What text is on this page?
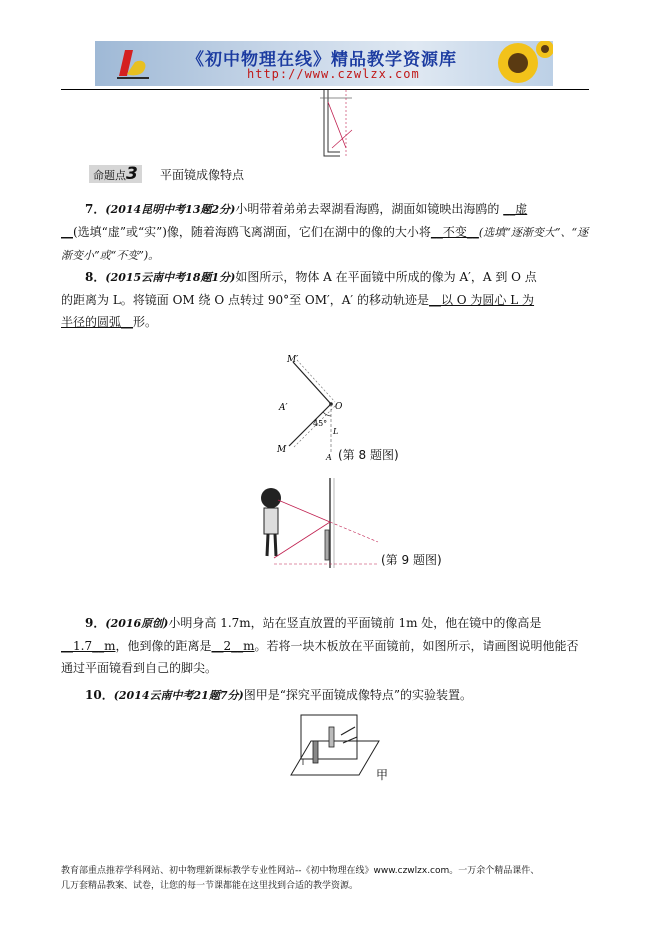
《初中物理在线》精品教学资源库
http://www.czwlzx.com
命题点3	平面镜成像特点
7．(2014昆明中考13题2分)小明带着弟弟去翠湖看海鸥，湖面如镜映出海鸥的 __虚
__(选填“虚”或“实”)像，随着海鸥飞离湖面，它们在湖中的像的大小将__不变__(选填“逐渐变大”、“逐渐变小”或“不变”)。
8．(2015云南中考18题1分)如图所示，物体 A 在平面镜中所成的像为 A′，A 到 O 点
的距离为 L。将镜面 OM 绕 O 点转过 90°至 OM′，A′ 的移动轨迹是__以 O 为圆心 L 为
半径的圆弧__形。
M′
A′	O
45°
M
L
A (第 8 题图)
(第 9 题图)
9．(2016原创)小明身高 1.7m，站在竖直放置的平面镜前 1m 处，他在镜中的像高是
__1.7__m，他到像的距离是__2__m。若将一块木板放在平面镜前，如图所示，请画图说明他能否通过平面镜看到自己的脚尖。
10．(2014云南中考21题7分)图甲是“探究平面镜成像特点”的实验装置。
甲
教育部重点推荐学科网站、初中物理新课标教学专业性网站--《初中物理在线》www.czwlzx.com。一万余个精品课件、
几万套精品教案、试卷，让您的每一节课都能在这里找到合适的教学资源。
